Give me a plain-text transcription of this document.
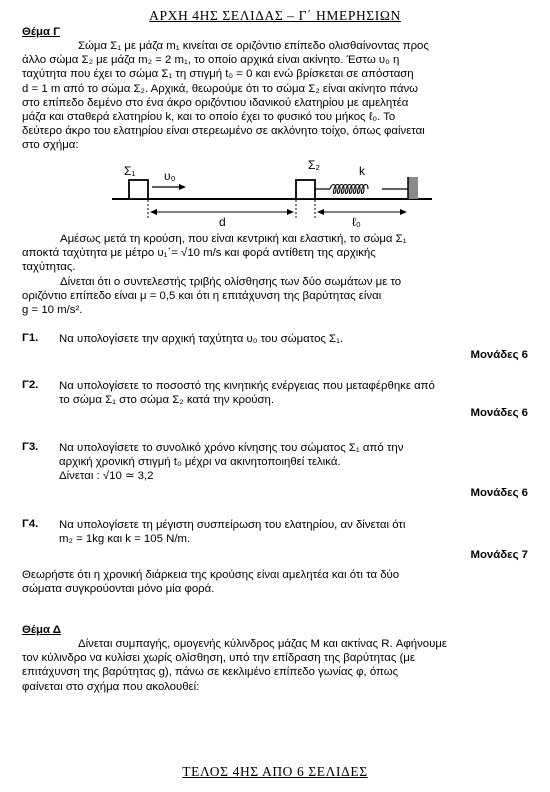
ΑΡΧΗ 4ΗΣ ΣΕΛΙΔΑΣ – Γ΄ ΗΜΕΡΗΣΙΩΝ
Θέμα Γ
Σώμα Σ₁ με μάζα m₁ κινείται σε οριζόντιο επίπεδο ολισθαίνοντας προς
άλλο σώμα Σ₂ με μάζα m₂ = 2 m₁, το οποίο αρχικά είναι ακίνητο. Έστω υ₀ η
ταχύτητα που έχει το σώμα Σ₁ τη στιγμή t₀ = 0 και ενώ βρίσκεται σε απόσταση
d = 1 m από το σώμα Σ₂. Αρχικά, θεωρούμε ότι το σώμα Σ₂ είναι ακίνητο πάνω
στο επίπεδο δεμένο στο ένα άκρο οριζόντιου ιδανικού ελατηρίου με αμελητέα
μάζα και σταθερά ελατηρίου k, και το οποίο έχει το φυσικό του μήκος ℓ₀. Το
δεύτερο άκρο του ελατηρίου είναι στερεωμένο σε ακλόνητο τοίχο, όπως φαίνεται
στο σχήμα:
Σ₁ υ₀
Σ₂	k
d	ℓ₀
Αμέσως μετά τη κρούση, που είναι κεντρική και ελαστική, το σώμα Σ₁
αποκτά ταχύτητα με μέτρο υ₁΄= √10 m/s και φορά αντίθετη της αρχικής
ταχύτητας.
Δίνεται ότι ο συντελεστής τριβής ολίσθησης των δύο σωμάτων με το
οριζόντιο επίπεδο είναι μ = 0,5 και ότι η επιτάχυνση της βαρύτητας είναι
g = 10 m/s².
Γ1. Να υπολογίσετε την αρχική ταχύτητα υ₀ του σώματος Σ₁.
Μονάδες 6
Γ2. Να υπολογίσετε το ποσοστό της κινητικής ενέργειας που μεταφέρθηκε από
το σώμα Σ₁ στο σώμα Σ₂ κατά την κρούση.
Μονάδες 6
Γ3. Να υπολογίσετε το συνολικό χρόνο κίνησης του σώματος Σ₁ από την
αρχική χρονική στιγμή t₀ μέχρι να ακινητοποιηθεί τελικά.
Δίνεται : √10 ≃ 3,2
Μονάδες 6
Γ4. Να υπολογίσετε τη μέγιστη συσπείρωση του ελατηρίου, αν δίνεται ότι
m₂ = 1kg και k = 105 N/m.
Μονάδες 7
Θεωρήστε ότι η χρονική διάρκεια της κρούσης είναι αμελητέα και ότι τα δύο
σώματα συγκρούονται μόνο μία φορά.
Θέμα Δ
Δίνεται συμπαγής, ομογενής κύλινδρος μάζας Μ και ακτίνας R. Αφήνουμε
τον κύλινδρο να κυλίσει χωρίς ολίσθηση, υπό την επίδραση της βαρύτητας (με
επιτάχυνση της βαρύτητας g), πάνω σε κεκλιμένο επίπεδο γωνίας φ, όπως
φαίνεται στο σχήμα που ακολουθεί:
ΤΕΛΟΣ 4ΗΣ ΑΠΟ 6 ΣΕΛΙΔΕΣ
